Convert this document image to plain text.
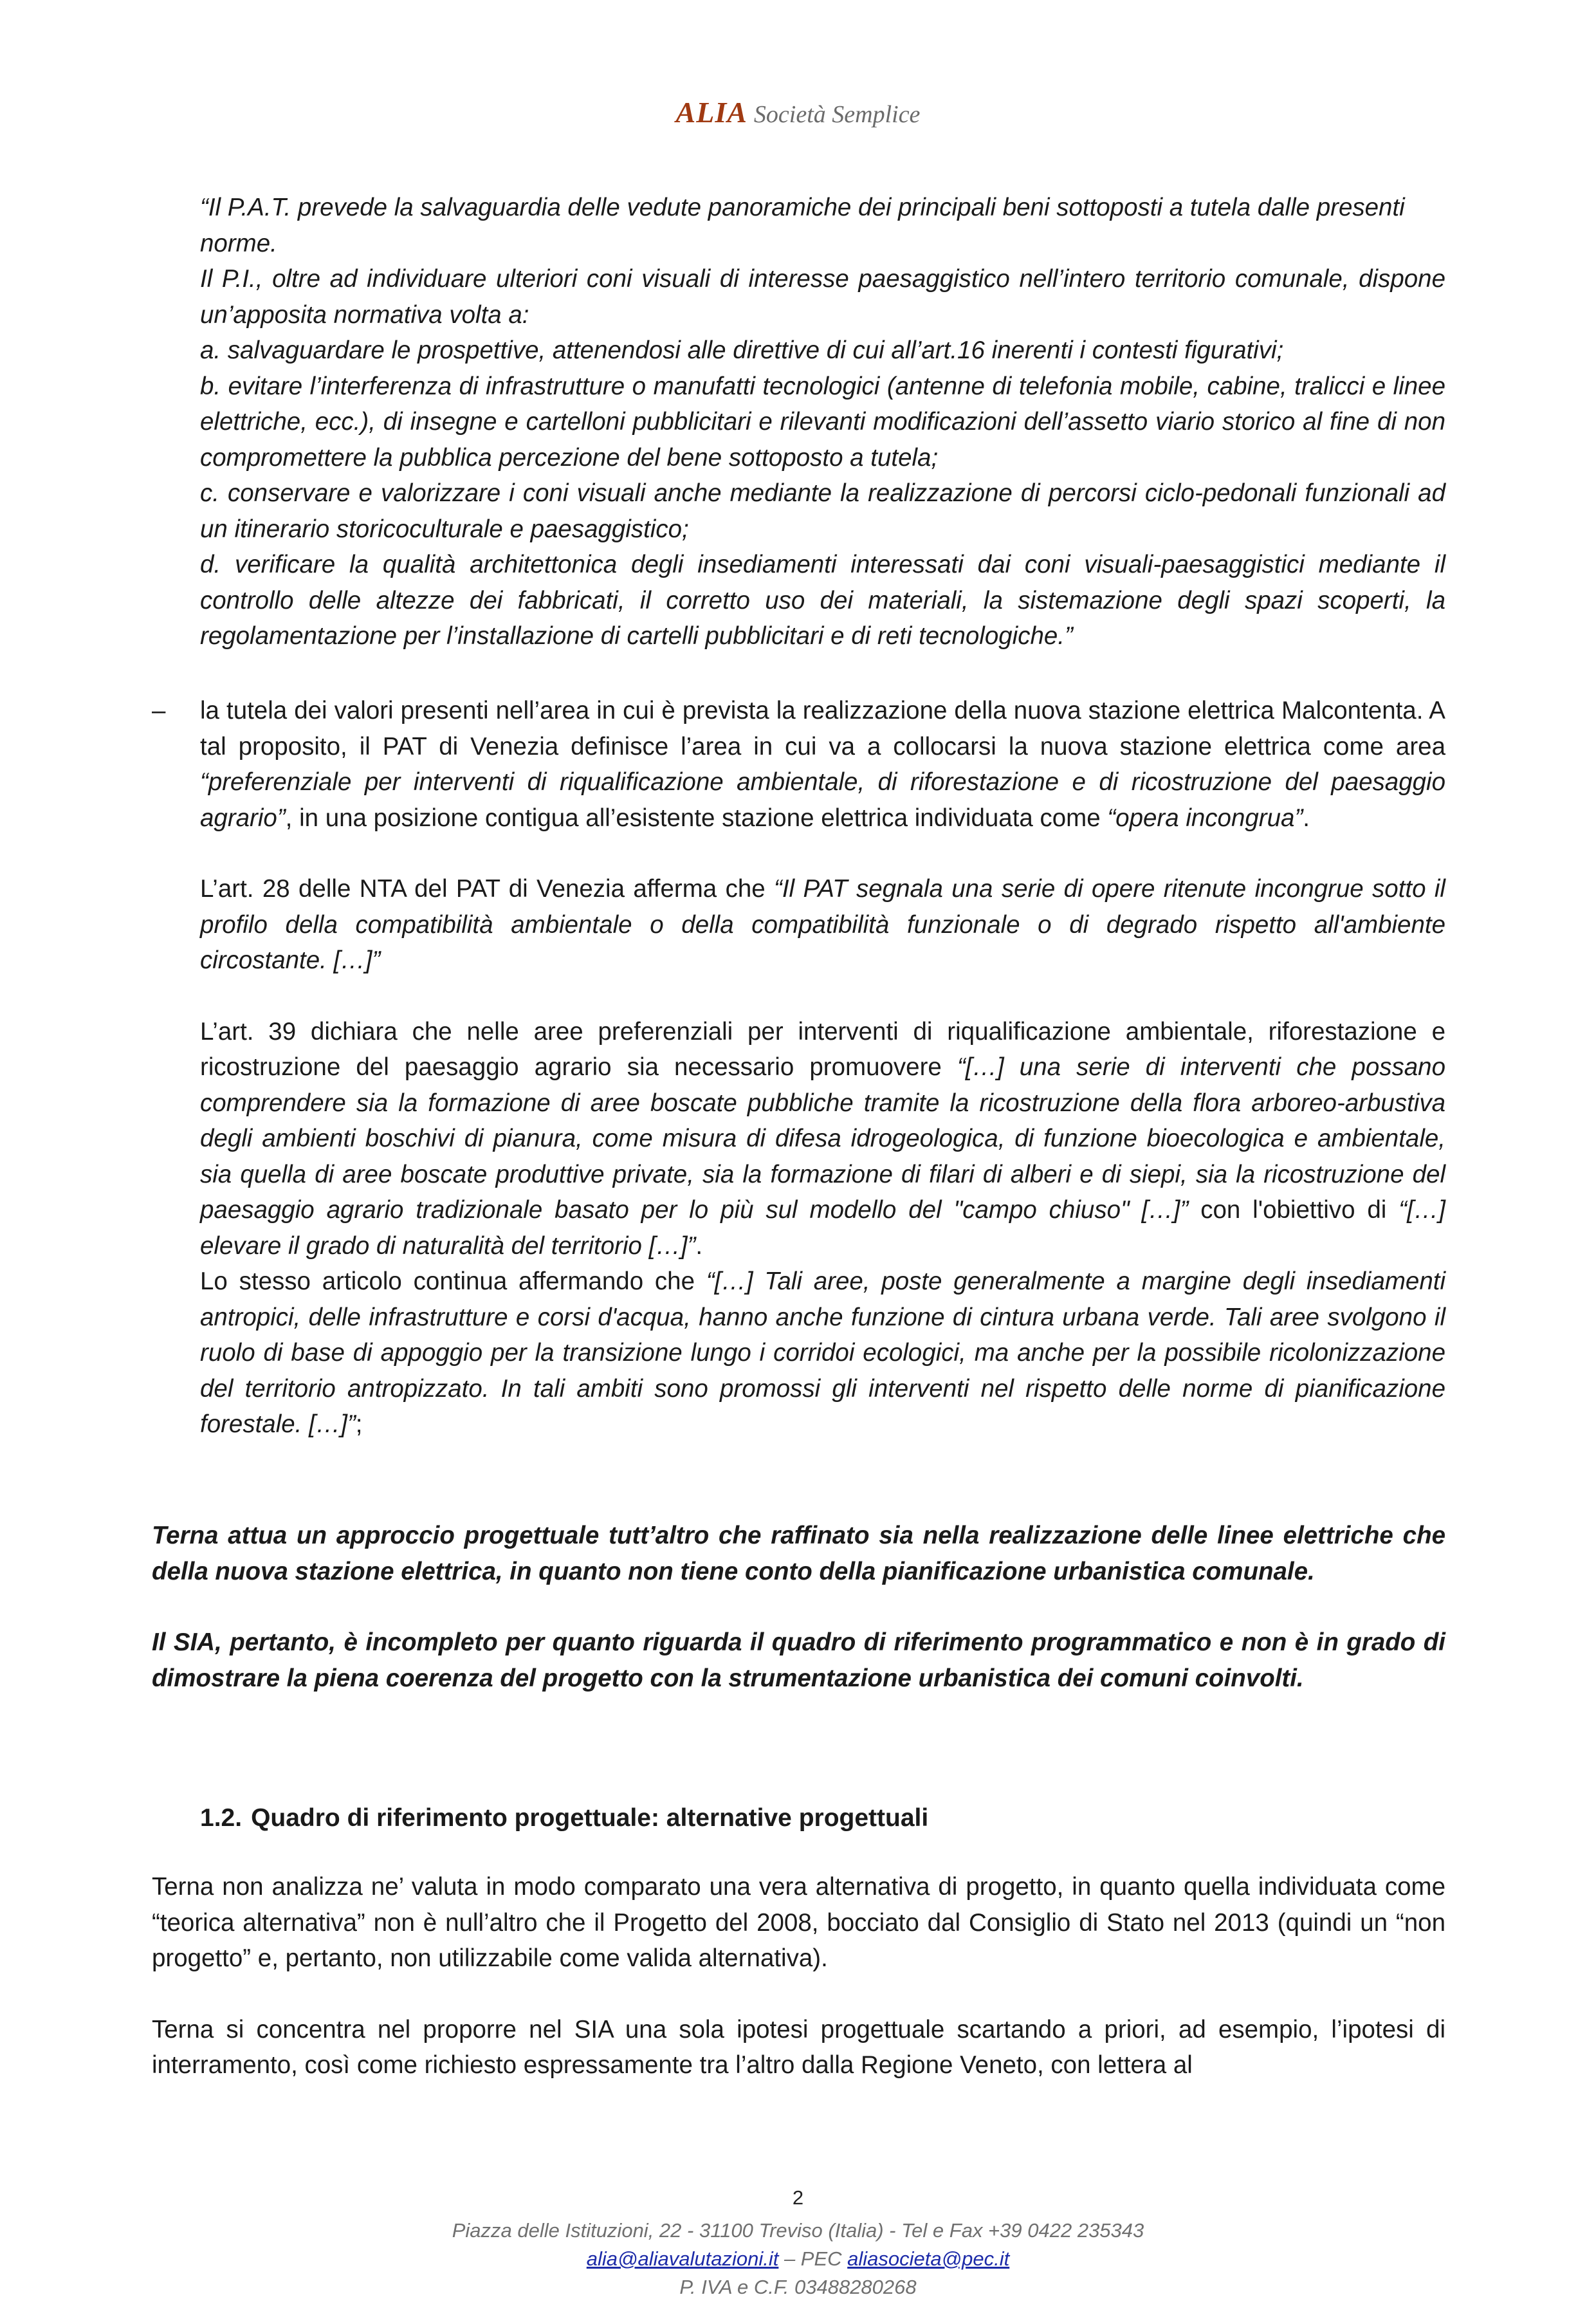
ALIA Società Semplice

“Il P.A.T. prevede la salvaguardia delle vedute panoramiche dei principali beni sottoposti a tutela dalle presenti norme.

Il P.I., oltre ad individuare ulteriori coni visuali di interesse paesaggistico nell’intero territorio comunale, dispone un’apposita normativa volta a:

a. salvaguardare le prospettive, attenendosi alle direttive di cui all’art.16 inerenti i contesti figurativi;

b. evitare l’interferenza di infrastrutture o manufatti tecnologici (antenne di telefonia mobile, cabine, tralicci e linee elettriche, ecc.), di insegne e cartelloni pubblicitari e rilevanti modificazioni dell’assetto viario storico al fine di non compromettere la pubblica percezione del bene sottoposto a tutela;

c. conservare e valorizzare i coni visuali anche mediante la realizzazione di percorsi ciclo-pedonali funzionali ad un itinerario storicoculturale e paesaggistico;

d. verificare la qualità architettonica degli insediamenti interessati dai coni visuali-paesaggistici mediante il controllo delle altezze dei fabbricati, il corretto uso dei materiali, la sistemazione degli spazi scoperti, la regolamentazione per l’installazione di cartelli pubblicitari e di reti tecnologiche.”

– la tutela dei valori presenti nell’area in cui è prevista la realizzazione della nuova stazione elettrica Malcontenta. A tal proposito, il PAT di Venezia definisce l’area in cui va a collocarsi la nuova stazione elettrica come area “preferenziale per interventi di riqualificazione ambientale, di riforestazione e di ricostruzione del paesaggio agrario”, in una posizione contigua all’esistente stazione elettrica individuata come “opera incongrua”.

L’art. 28 delle NTA del PAT di Venezia afferma che “Il PAT segnala una serie di opere ritenute incongrue sotto il profilo della compatibilità ambientale o della compatibilità funzionale o di degrado rispetto all'ambiente circostante. […]”

L’art. 39 dichiara che nelle aree preferenziali per interventi di riqualificazione ambientale, riforestazione e ricostruzione del paesaggio agrario sia necessario promuovere “[…] una serie di interventi che possano comprendere sia la formazione di aree boscate pubbliche tramite la ricostruzione della flora arboreo-arbustiva degli ambienti boschivi di pianura, come misura di difesa idrogeologica, di funzione bioecologica e ambientale, sia quella di aree boscate produttive private, sia la formazione di filari di alberi e di siepi, sia la ricostruzione del paesaggio agrario tradizionale basato per lo più sul modello del "campo chiuso" […]” con l'obiettivo di “[…] elevare il grado di naturalità del territorio […]”.

Lo stesso articolo continua affermando che “[…] Tali aree, poste generalmente a margine degli insediamenti antropici, delle infrastrutture e corsi d'acqua, hanno anche funzione di cintura urbana verde. Tali aree svolgono il ruolo di base di appoggio per la transizione lungo i corridoi ecologici, ma anche per la possibile ricolonizzazione del territorio antropizzato. In tali ambiti sono promossi gli interventi nel rispetto delle norme di pianificazione forestale. […]”;

Terna attua un approccio progettuale tutt’altro che raffinato sia nella realizzazione delle linee elettriche che della nuova stazione elettrica, in quanto non tiene conto della pianificazione urbanistica comunale.

Il SIA, pertanto, è incompleto per quanto riguarda il quadro di riferimento programmatico e non è in grado di dimostrare la piena coerenza del progetto con la strumentazione urbanistica dei comuni coinvolti.

1.2. Quadro di riferimento progettuale: alternative progettuali

Terna non analizza ne’ valuta in modo comparato una vera alternativa di progetto, in quanto quella individuata come “teorica alternativa” non è null’altro che il Progetto del 2008, bocciato dal Consiglio di Stato nel 2013 (quindi un “non progetto” e, pertanto, non utilizzabile come valida alternativa).

Terna si concentra nel proporre nel SIA una sola ipotesi progettuale scartando a priori, ad esempio, l’ipotesi di interramento, così come richiesto espressamente tra l’altro dalla Regione Veneto, con lettera al

2
Piazza delle Istituzioni, 22 - 31100 Treviso (Italia) - Tel e Fax +39 0422 235343
alia@aliavalutazioni.it – PEC aliasocieta@pec.it
P. IVA e C.F. 03488280268
